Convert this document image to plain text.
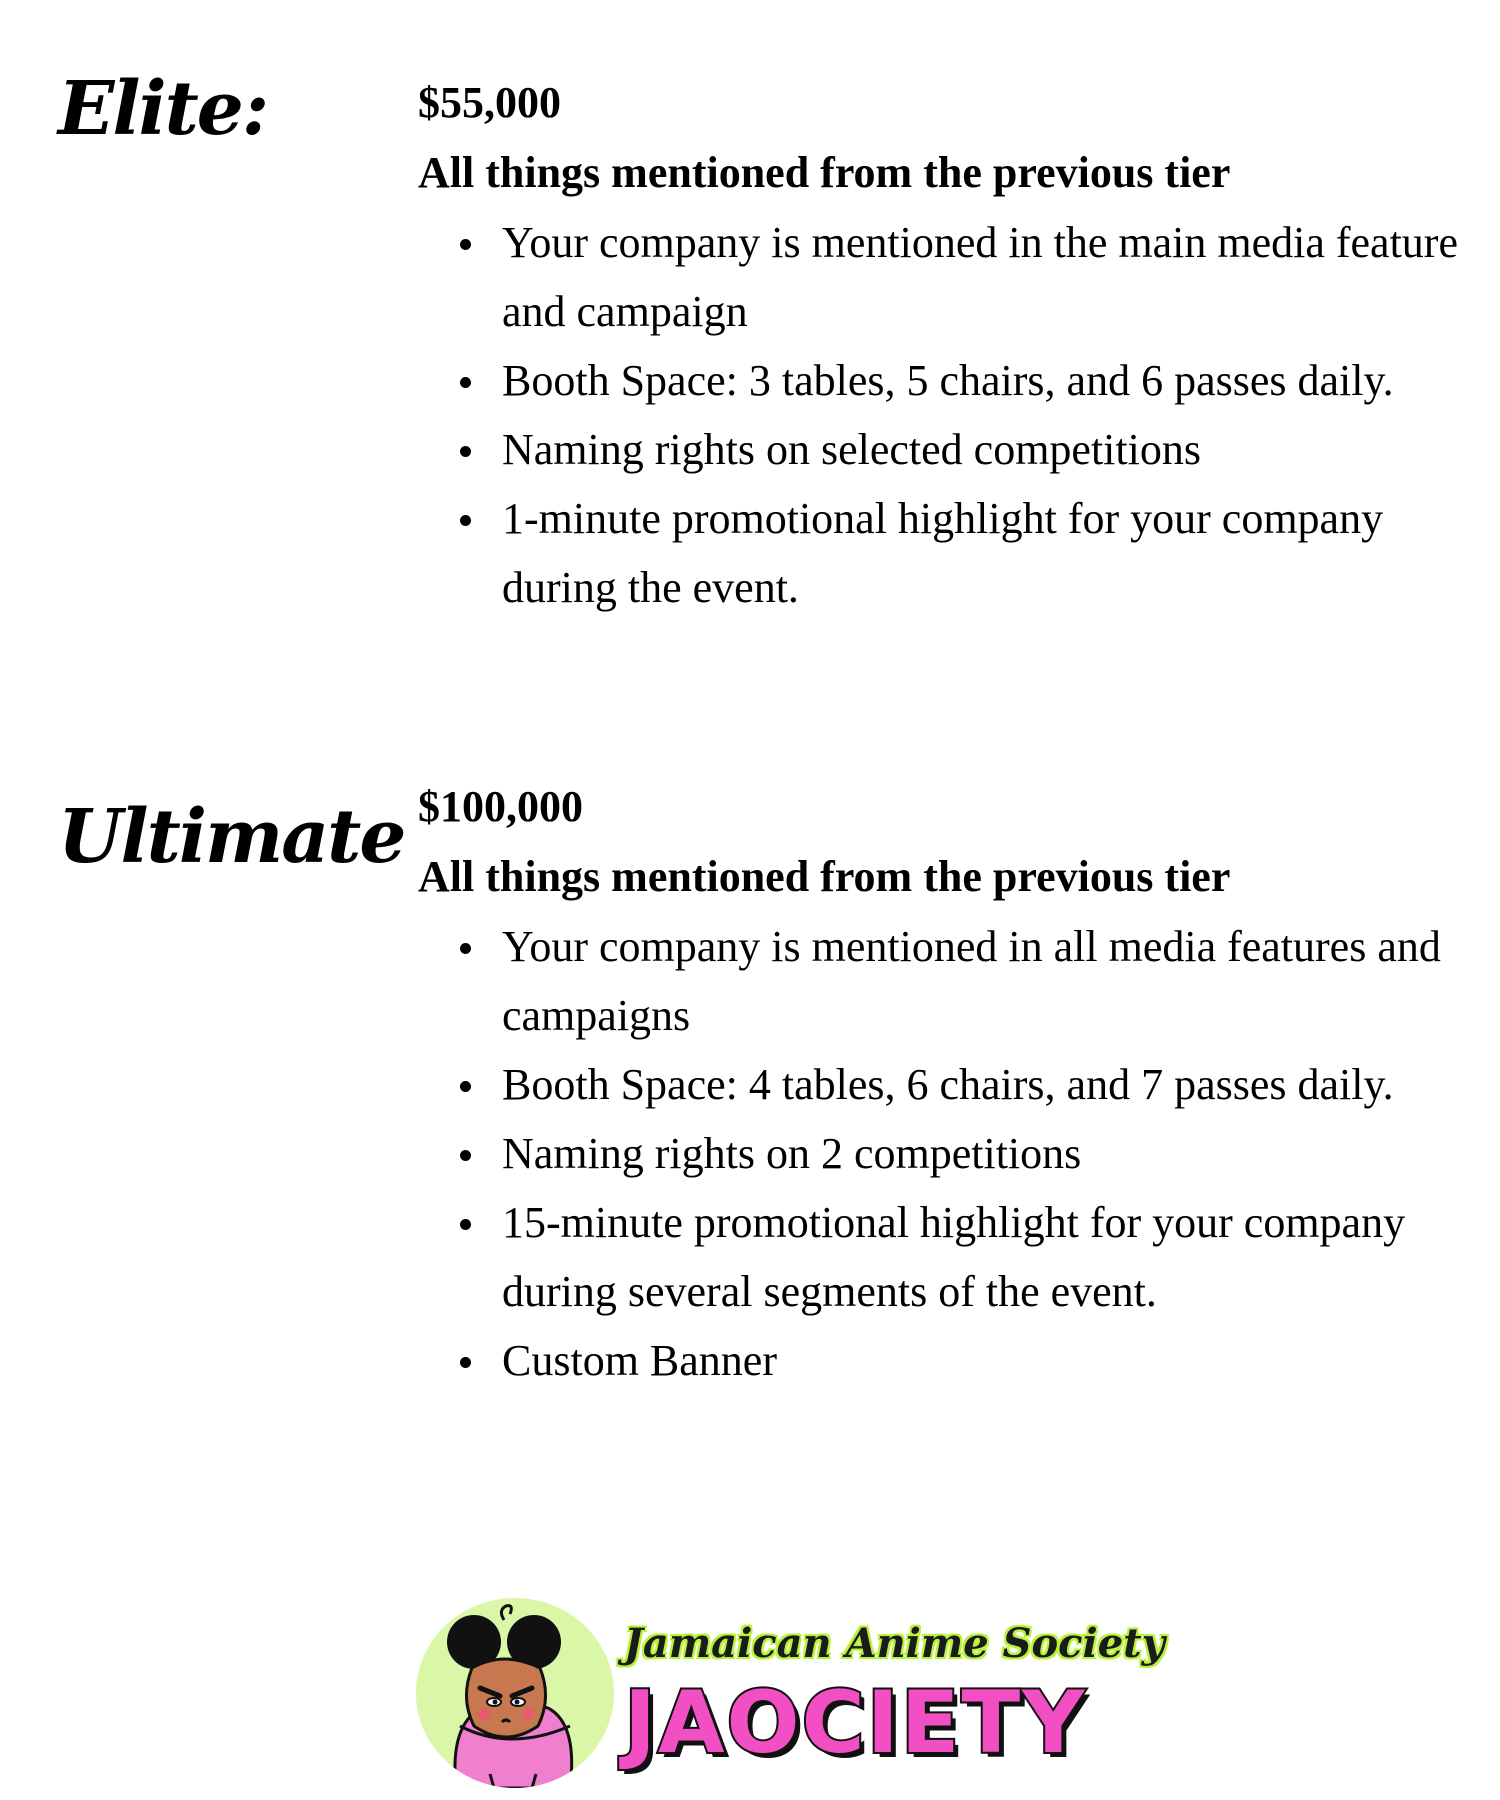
Elite:	$55,000

All things mentioned from the previous tier

Your company is mentioned in the main media feature and campaign
Booth Space: 3 tables, 5 chairs, and 6 passes daily.
Naming rights on selected competitions
1-minute promotional highlight for your company during the event.
Ultimate $100,000

All things mentioned from the previous tier

Your company is mentioned in all media features and campaigns
Booth Space: 4 tables, 6 chairs, and 7 passes daily.
Naming rights on 2 competitions
15-minute promotional highlight for your company during several segments of the event.
Custom Banner
Jamaican Anime Society
JAOCIETY
